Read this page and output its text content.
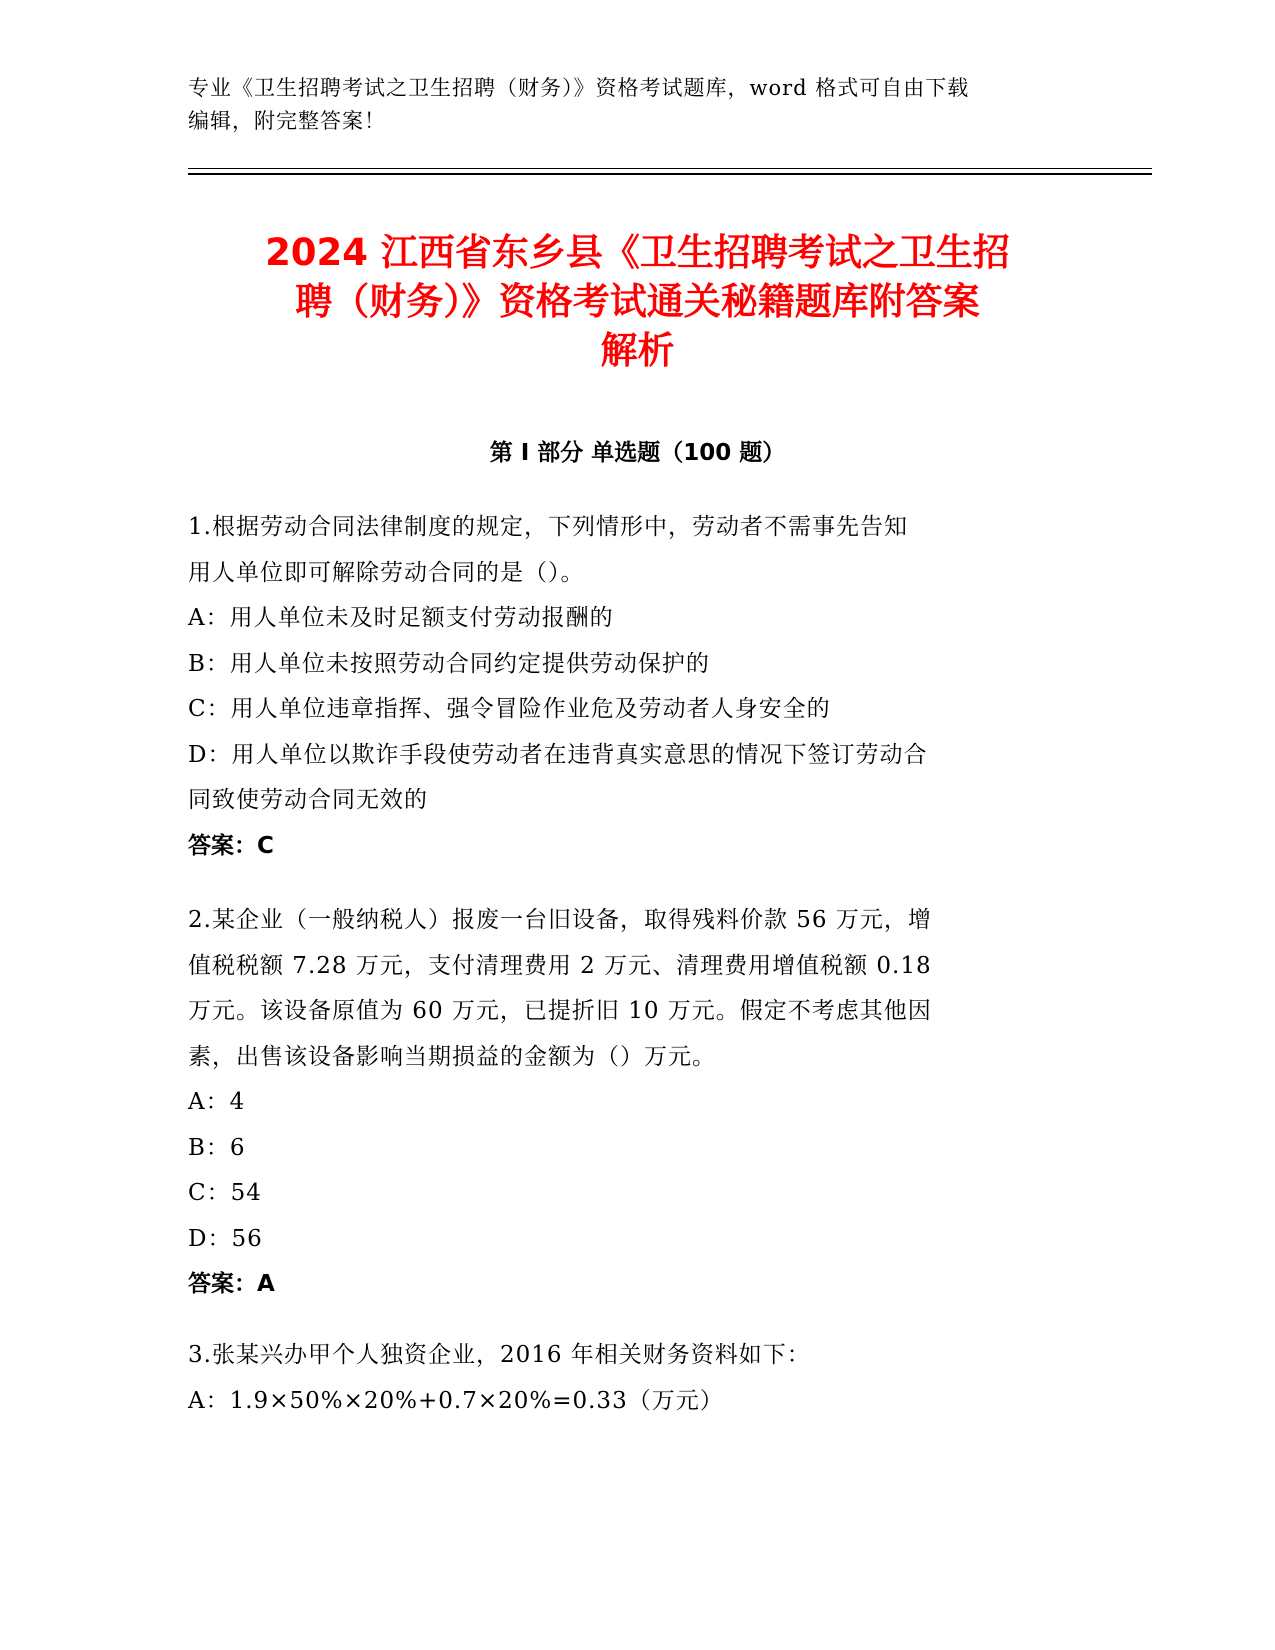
专业《卫生招聘考试之卫生招聘（财务）》资格考试题库，word 格式可自由下载
编辑，附完整答案！
2024 江西省东乡县《卫生招聘考试之卫生招
聘（财务）》资格考试通关秘籍题库附答案
解析
第 I 部分 单选题（100 题）

1.根据劳动合同法律制度的规定，下列情形中，劳动者不需事先告知

用人单位即可解除劳动合同的是（）。

A：用人单位未及时足额支付劳动报酬的

B：用人单位未按照劳动合同约定提供劳动保护的

C：用人单位违章指挥、强令冒险作业危及劳动者人身安全的

D：用人单位以欺诈手段使劳动者在违背真实意思的情况下签订劳动合

同致使劳动合同无效的

答案：C

2.某企业（一般纳税人）报废一台旧设备，取得残料价款 56 万元，增

值税税额 7.28 万元，支付清理费用 2 万元、清理费用增值税额 0.18

万元。该设备原值为 60 万元，已提折旧 10 万元。假定不考虑其他因

素，出售该设备影响当期损益的金额为（）万元。

A：4

B：6

C：54

D：56

答案：A

3.张某兴办甲个人独资企业，2016 年相关财务资料如下：

A：1.9×50%×20%+0.7×20%=0.33（万元）
